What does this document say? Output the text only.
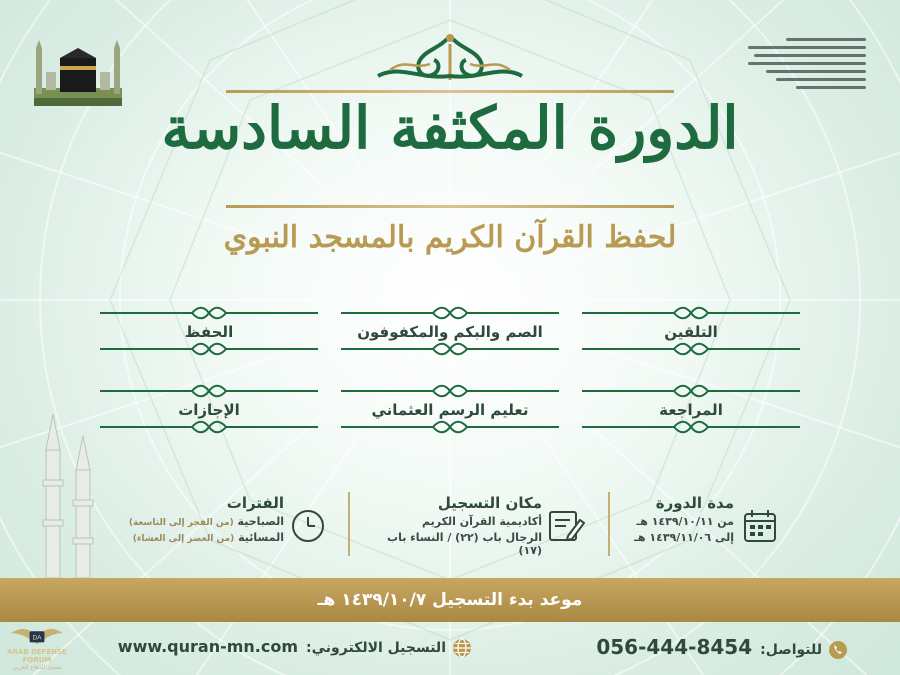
الدورة المكثفة السادسة
لحفظ القرآن الكريم بالمسجد النبوي
التلقين
الصم والبكم والمكفوفون
الحفظ
المراجعة
تعليم الرسم العثماني
الإجازات
مدة الدورة
من ١٤٣٩/١٠/١١ هـ
إلى ١٤٣٩/١١/٠٦ هـ
مكان التسجيل
أكاديمية القرآن الكريم
الرجال باب (٢٢) / النساء باب (١٧)
الفترات
الصباحية (من الفجر إلى التاسعة)
المسائية (من العصر إلى العشاء)
موعد بدء التسجيل ١٤٣٩/١٠/٧ هـ
للتواصل:056-444-8454
التسجيل الالكتروني:www.quran-mn.com
DA
ARAB DEFENSE FORUM
منتدى الدفاع العربي
